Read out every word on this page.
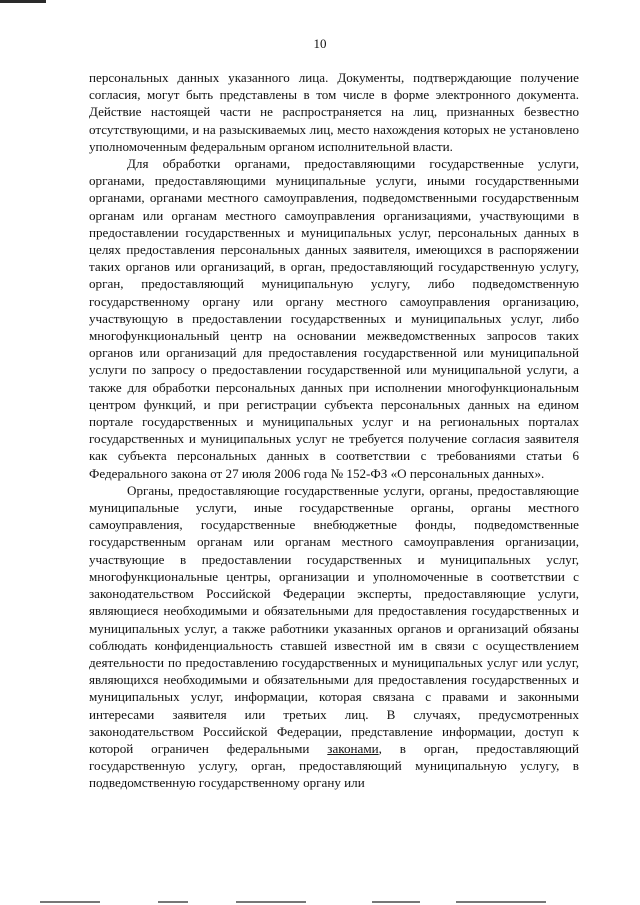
10

персональных данных указанного лица. Документы, подтверждающие получение согласия, могут быть представлены в том числе в форме электронного документа. Действие настоящей части не распространяется на лиц, признанных безвестно отсутствующими, и на разыскиваемых лиц, место нахождения которых не установлено уполномоченным федеральным органом исполнительной власти.

Для обработки органами, предоставляющими государственные услуги, органами, предоставляющими муниципальные услуги, иными государственными органами, органами местного самоуправления, подведомственными государственным органам или органам местного самоуправления организациями, участвующими в предоставлении государственных и муниципальных услуг, персональных данных в целях предоставления персональных данных заявителя, имеющихся в распоряжении таких органов или организаций, в орган, предоставляющий государственную услугу, орган, предоставляющий муниципальную услугу, либо подведомственную государственному органу или органу местного самоуправления организацию, участвующую в предоставлении государственных и муниципальных услуг, либо многофункциональный центр на основании межведомственных запросов таких органов или организаций для предоставления государственной или муниципальной услуги по запросу о предоставлении государственной или муниципальной услуги, а также для обработки персональных данных при исполнении многофункциональным центром функций, и при регистрации субъекта персональных данных на едином портале государственных и муниципальных услуг и на региональных порталах государственных и муниципальных услуг не требуется получение согласия заявителя как субъекта персональных данных в соответствии с требованиями статьи 6 Федерального закона от 27 июля 2006 года № 152-ФЗ «О персональных данных».

Органы, предоставляющие государственные услуги, органы, предоставляющие муниципальные услуги, иные государственные органы, органы местного самоуправления, государственные внебюджетные фонды, подведомственные государственным органам или органам местного самоуправления организации, участвующие в предоставлении государственных и муниципальных услуг, многофункциональные центры, организации и уполномоченные в соответствии с законодательством Российской Федерации эксперты, предоставляющие услуги, являющиеся необходимыми и обязательными для предоставления государственных и муниципальных услуг, а также работники указанных органов и организаций обязаны соблюдать конфиденциальность ставшей известной им в связи с осуществлением деятельности по предоставлению государственных и муниципальных услуг или услуг, являющихся необходимыми и обязательными для предоставления государственных и муниципальных услуг, информации, которая связана с правами и законными интересами заявителя или третьих лиц. В случаях, предусмотренных законодательством Российской Федерации, представление информации, доступ к которой ограничен федеральными законами, в орган, предоставляющий государственную услугу, орган, предоставляющий муниципальную услугу, в подведомственную государственному органу или
